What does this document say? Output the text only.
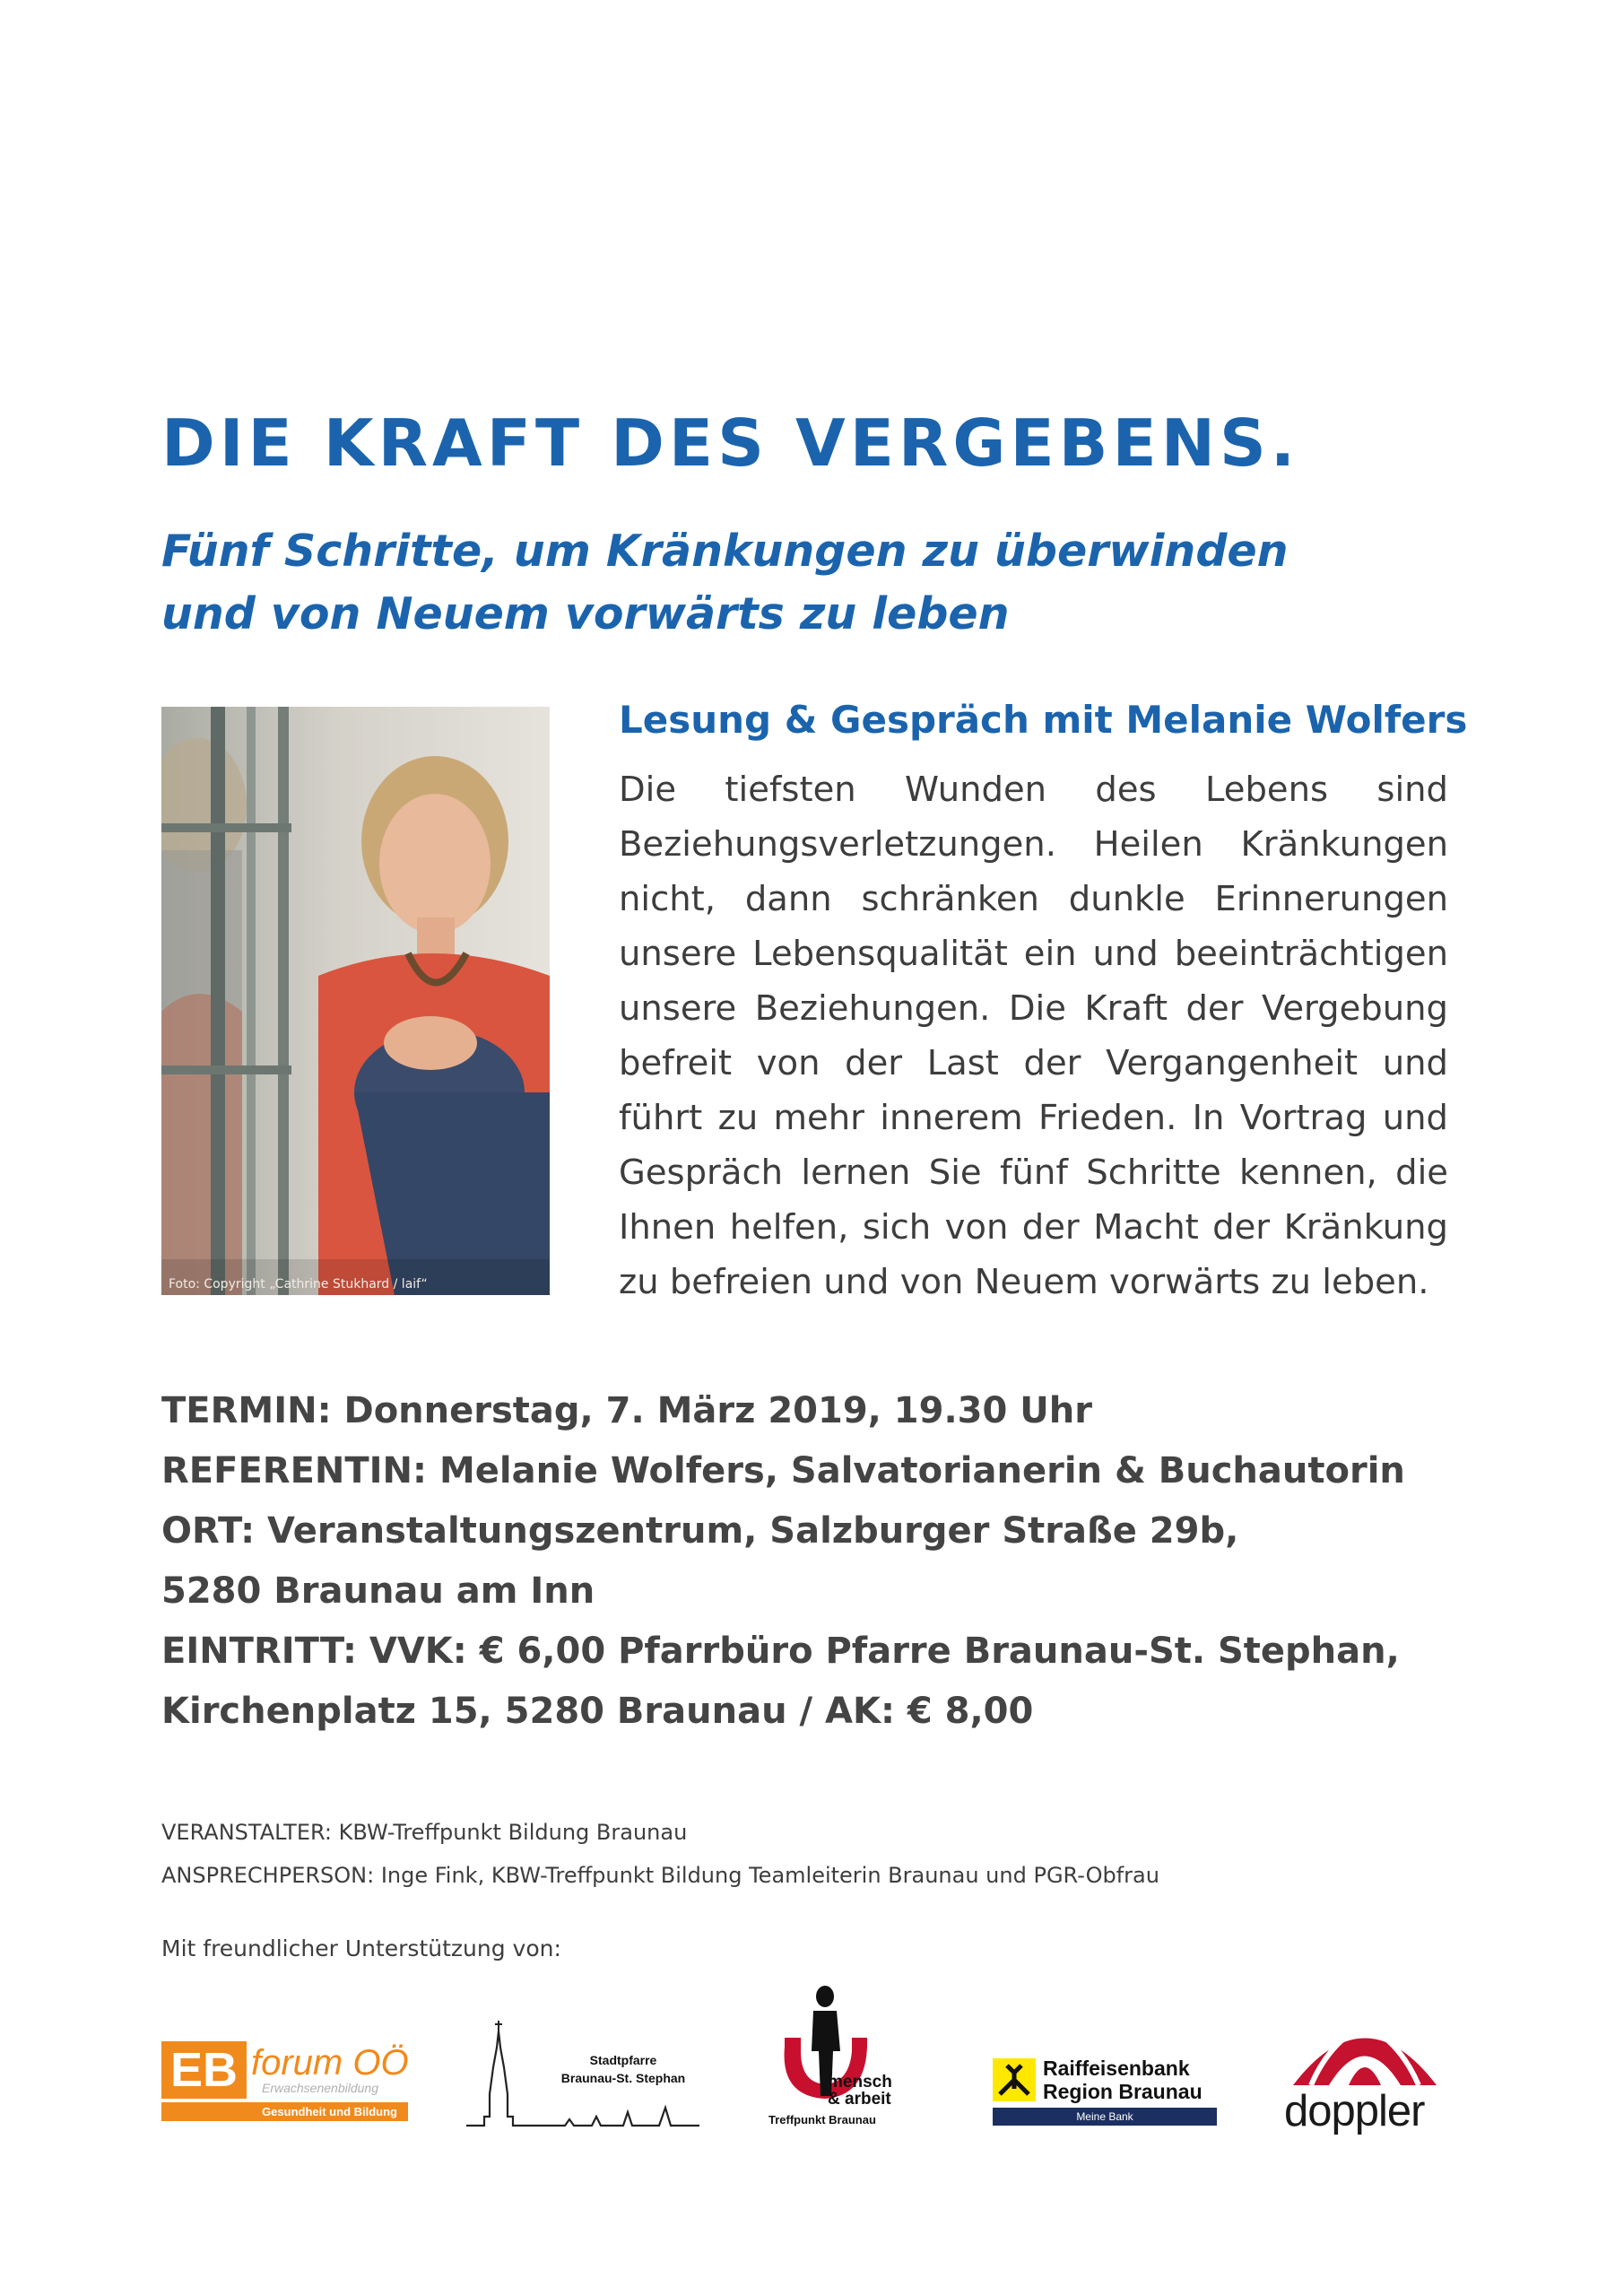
DIE KRAFT DES VERGEBENS.
Fünf Schritte, um Kränkungen zu überwinden
und von Neuem vorwärts zu leben
Foto: Copyright „Cathrine Stukhard / laif“
Lesung & Gespräch mit Melanie Wolfers

Die tiefsten Wunden des Lebens sind Beziehungsverletzungen. Heilen Kränkungen nicht, dann schränken dunkle Erinnerungen unsere Lebensqualität ein und beeinträchtigen unsere Beziehungen. Die Kraft der Vergebung befreit von der Last der Vergangenheit und führt zu mehr innerem Frieden. In Vortrag und Gespräch lernen Sie fünf Schritte kennen, die Ihnen helfen, sich von der Macht der Kränkung zu befreien und von Neuem vorwärts zu leben.

TERMIN: Donnerstag, 7. März 2019, 19.30 Uhr
REFERENTIN: Melanie Wolfers, Salvatorianerin & Buchautorin
ORT: Veranstaltungszentrum, Salzburger Straße 29b,
5280 Braunau am Inn
EINTRITT: VVK: € 6,00 Pfarrbüro Pfarre Braunau-St. Stephan,
Kirchenplatz 15, 5280 Braunau / AK: € 8,00
VERANSTALTER: KBW-Treffpunkt Bildung Braunau
ANSPRECHPERSON: Inge Fink, KBW-Treffpunkt Bildung Teamleiterin Braunau und PGR-Obfrau
Mit freundlicher Unterstützung von:
EB forum OÖ
Erwachsenenbildung
Gesundheit und Bildung
Stadtpfarre
Braunau-St. Stephan	mensch
& arbeit
Treffpunkt Braunau
Raiffeisenbank
Region Braunau
Meine Bank	doppler
